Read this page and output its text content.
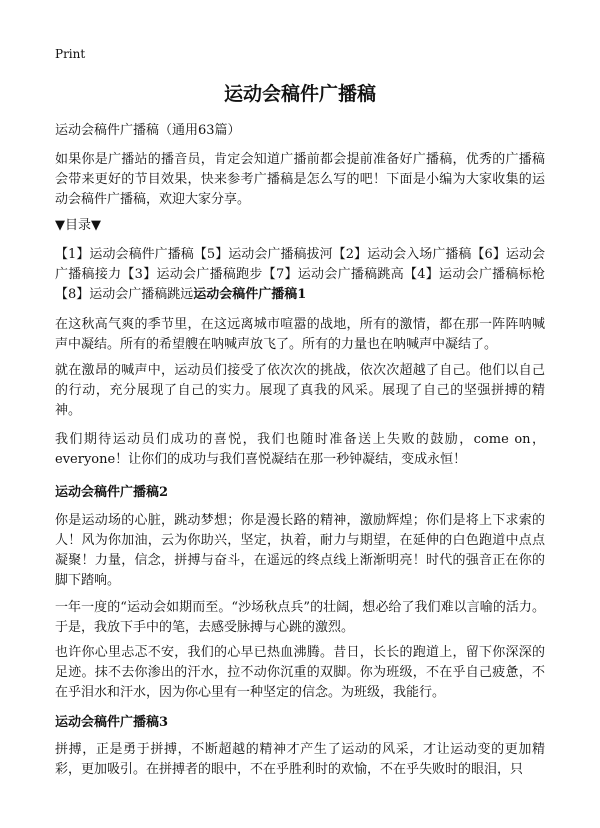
Print
运动会稿件广播稿

运动会稿件广播稿（通用63篇）

如果你是广播站的播音员，肯定会知道广播前都会提前准备好广播稿，优秀的广播稿会带来更好的节目效果，快来参考广播稿是怎么写的吧！下面是小编为大家收集的运动会稿件广播稿，欢迎大家分享。

▼目录▼

【1】运动会稿件广播稿【5】运动会广播稿拔河【2】运动会入场广播稿【6】运动会广播稿接力【3】运动会广播稿跑步【7】运动会广播稿跳高【4】运动会广播稿标枪【8】运动会广播稿跳远运动会稿件广播稿1

在这秋高气爽的季节里，在这远离城市喧嚣的战地，所有的激情，都在那一阵阵呐喊声中凝结。所有的希望艘在呐喊声放飞了。所有的力量也在呐喊声中凝结了。

就在激昂的喊声中，运动员们接受了依次次的挑战，依次次超越了自己。他们以自己的行动，充分展现了自己的实力。展现了真我的风采。展现了自己的坚强拼搏的精神。

我们期待运动员们成功的喜悦，我们也随时准备送上失败的鼓励，come on，everyone！让你们的成功与我们喜悦凝结在那一秒钟凝结，变成永恒！

运动会稿件广播稿2

你是运动场的心脏，跳动梦想；你是漫长路的精神，激励辉煌；你们是将上下求索的人！风为你加油，云为你助兴，坚定，执着，耐力与期望，在延伸的白色跑道中点点凝聚！力量，信念，拼搏与奋斗，在遥远的终点线上渐渐明亮！时代的强音正在你的脚下踏响。

一年一度的“运动会如期而至。“沙场秋点兵”的壮阔，想必给了我们难以言喻的活力。于是，我放下手中的笔，去感受脉搏与心跳的激烈。

也许你心里忐忑不安，我们的心早已热血沸腾。昔日，长长的跑道上，留下你深深的足迹。抹不去你渗出的汗水，拉不动你沉重的双脚。你为班级，不在乎自己疲惫，不在乎泪水和汗水，因为你心里有一种坚定的信念。为班级，我能行。

运动会稿件广播稿3

拼搏，正是勇于拼搏，不断超越的精神才产生了运动的风采，才让运动变的更加精彩，更加吸引。在拼搏者的眼中，不在乎胜利时的欢愉，不在乎失败时的眼泪，只
